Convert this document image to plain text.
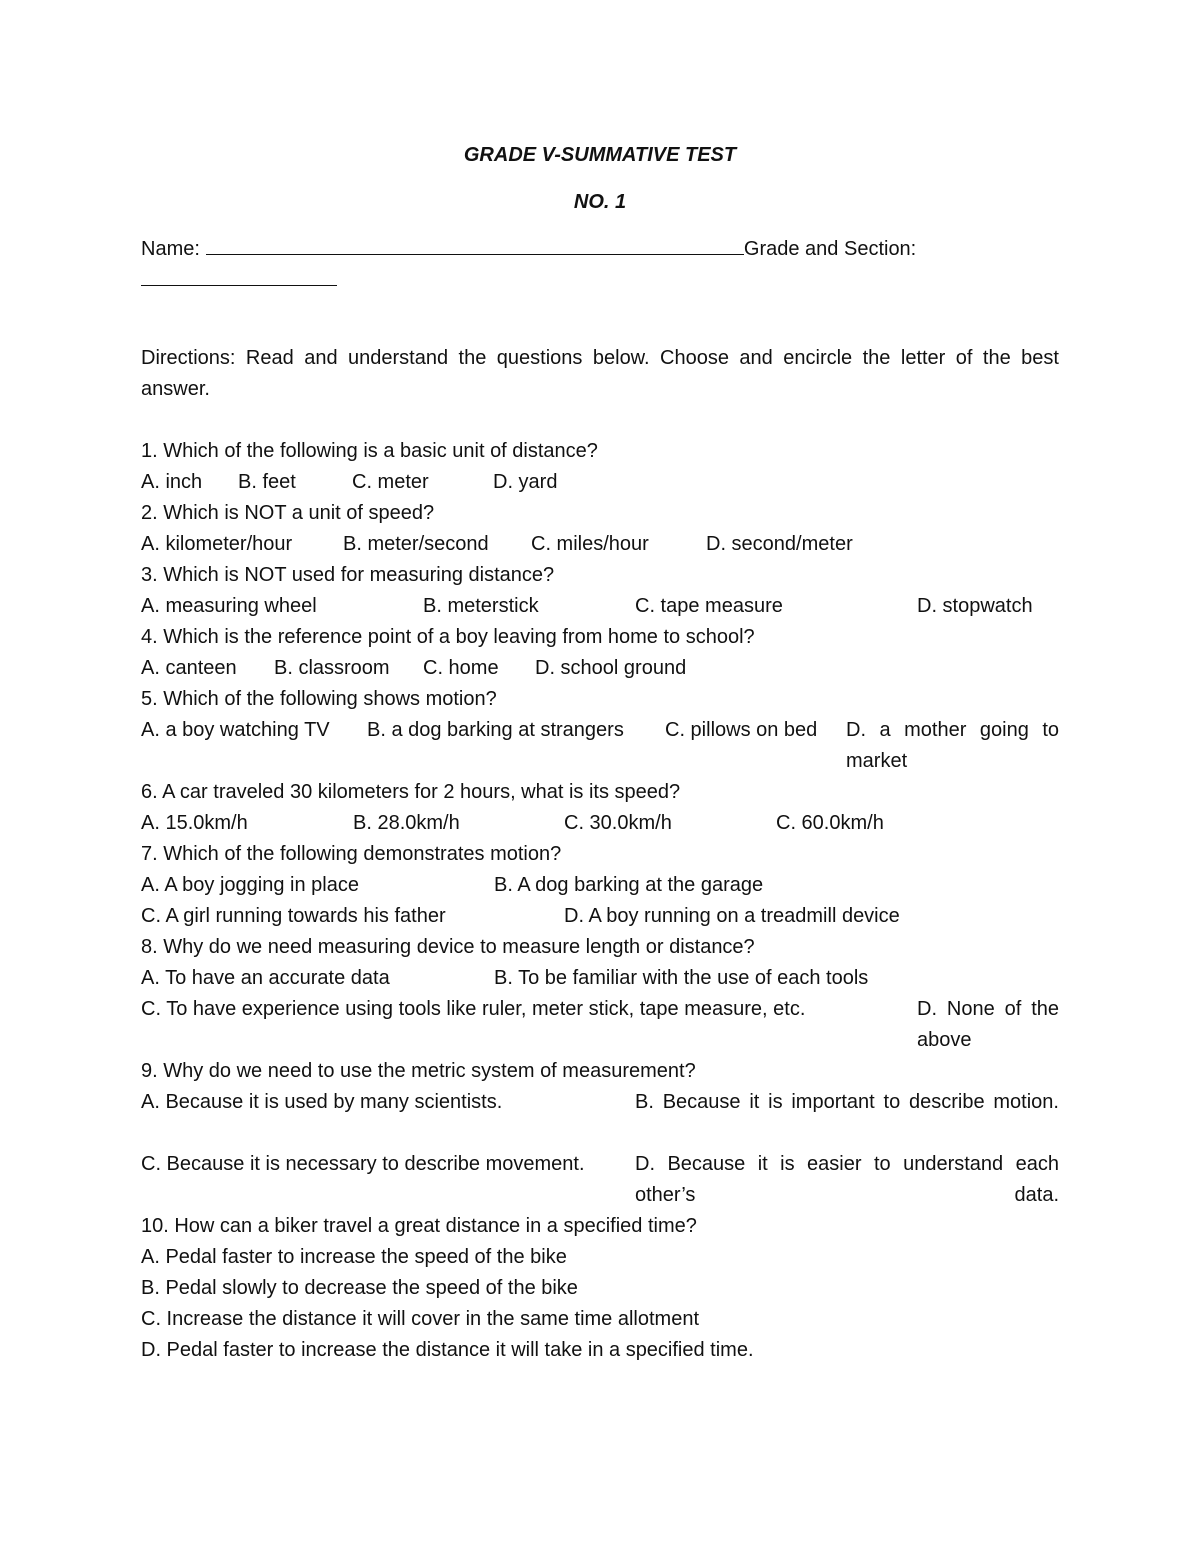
GRADE V-SUMMATIVE TEST

NO. 1

Name:	Grade and Section:
Directions: Read and understand the questions below. Choose and encircle the letter of the best answer.
1. Which of the following is a basic unit of distance?
A. inch B. feet	C. meter	D. yard
2. Which is NOT a unit of speed?
A. kilometer/hour	B. meter/second C. miles/hour	D. second/meter
3. Which is NOT used for measuring distance?
A. measuring wheel	B. meterstick	C. tape measure	D. stopwatch
4. Which is the reference point of a boy leaving from home to school?
A. canteen B. classroom C. home D. school ground
5. Which of the following shows motion?
A. a boy watching TV B. a dog barking at strangers C. pillows on bed D. a mother going to market
6. A car traveled 30 kilometers for 2 hours, what is its speed?
A. 15.0km/h	B. 28.0km/h	C. 30.0km/h	C. 60.0km/h
7. Which of the following demonstrates motion?
A. A boy jogging in place	B. A dog barking at the garage
C. A girl running towards his father	D. A boy running on a treadmill device
8. Why do we need measuring device to measure length or distance?
A. To have an accurate data	B. To be familiar with the use of each tools
C. To have experience using tools like ruler, meter stick, tape measure, etc.	D. None of the above
9. Why do we need to use the metric system of measurement?
A. Because it is used by many scientists.	B. Because it is important to describe motion.
C. Because it is necessary to describe movement.	D. Because it is easier to understand each other’s data.
10. How can a biker travel a great distance in a specified time?
A. Pedal faster to increase the speed of the bike
B. Pedal slowly to decrease the speed of the bike
C. Increase the distance it will cover in the same time allotment
D. Pedal faster to increase the distance it will take in a specified time.
